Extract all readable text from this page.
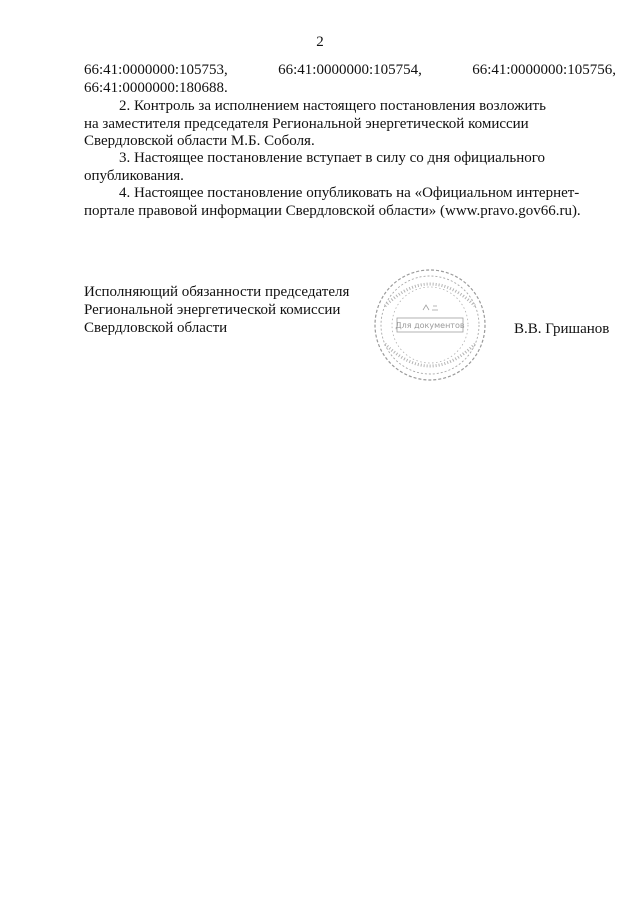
2
66:41:0000000:105753,	66:41:0000000:105754,	66:41:0000000:105756,
66:41:0000000:180688.
2. Контроль за исполнением настоящего постановления возложить
на заместителя председателя Региональной энергетической комиссии
Свердловской области М.Б. Соболя.
3. Настоящее постановление вступает в силу со дня официального
опубликования.
4. Настоящее постановление опубликовать на «Официальном интернет-
портале правовой информации Свердловской области» (www.pravo.gov66.ru).
Исполняющий обязанности председателя
Региональной энергетической комиссии
Свердловской области	Для документов	В.В. Гришанов
